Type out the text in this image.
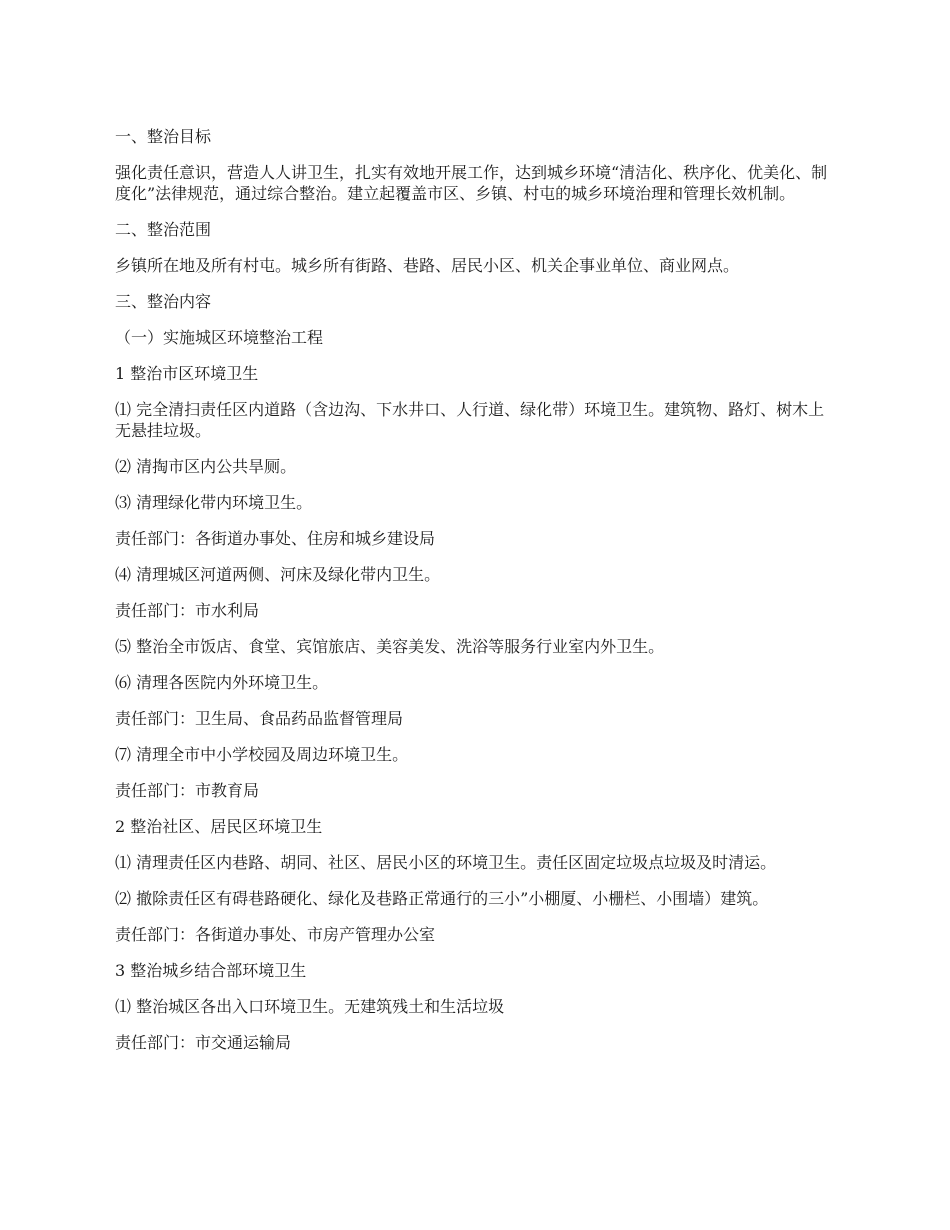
一、整治目标

强化责任意识，营造人人讲卫生，扎实有效地开展工作，达到城乡环境“清洁化、秩序化、优美化、制度化”法律规范，通过综合整治。建立起覆盖市区、乡镇、村屯的城乡环境治理和管理长效机制。

二、整治范围

乡镇所在地及所有村屯。城乡所有街路、巷路、居民小区、机关企事业单位、商业网点。

三、整治内容

（一）实施城区环境整治工程

1 整治市区环境卫生

⑴ 完全清扫责任区内道路（含边沟、下水井口、人行道、绿化带）环境卫生。建筑物、路灯、树木上无悬挂垃圾。

⑵ 清掏市区内公共旱厕。

⑶ 清理绿化带内环境卫生。

责任部门：各街道办事处、住房和城乡建设局

⑷ 清理城区河道两侧、河床及绿化带内卫生。

责任部门：市水利局

⑸ 整治全市饭店、食堂、宾馆旅店、美容美发、洗浴等服务行业室内外卫生。

⑹ 清理各医院内外环境卫生。

责任部门：卫生局、食品药品监督管理局

⑺ 清理全市中小学校园及周边环境卫生。

责任部门：市教育局

2 整治社区、居民区环境卫生

⑴ 清理责任区内巷路、胡同、社区、居民小区的环境卫生。责任区固定垃圾点垃圾及时清运。

⑵ 撤除责任区有碍巷路硬化、绿化及巷路正常通行的三小”小棚厦、小栅栏、小围墙）建筑。

责任部门：各街道办事处、市房产管理办公室

3 整治城乡结合部环境卫生

⑴ 整治城区各出入口环境卫生。无建筑残土和生活垃圾

责任部门：市交通运输局
